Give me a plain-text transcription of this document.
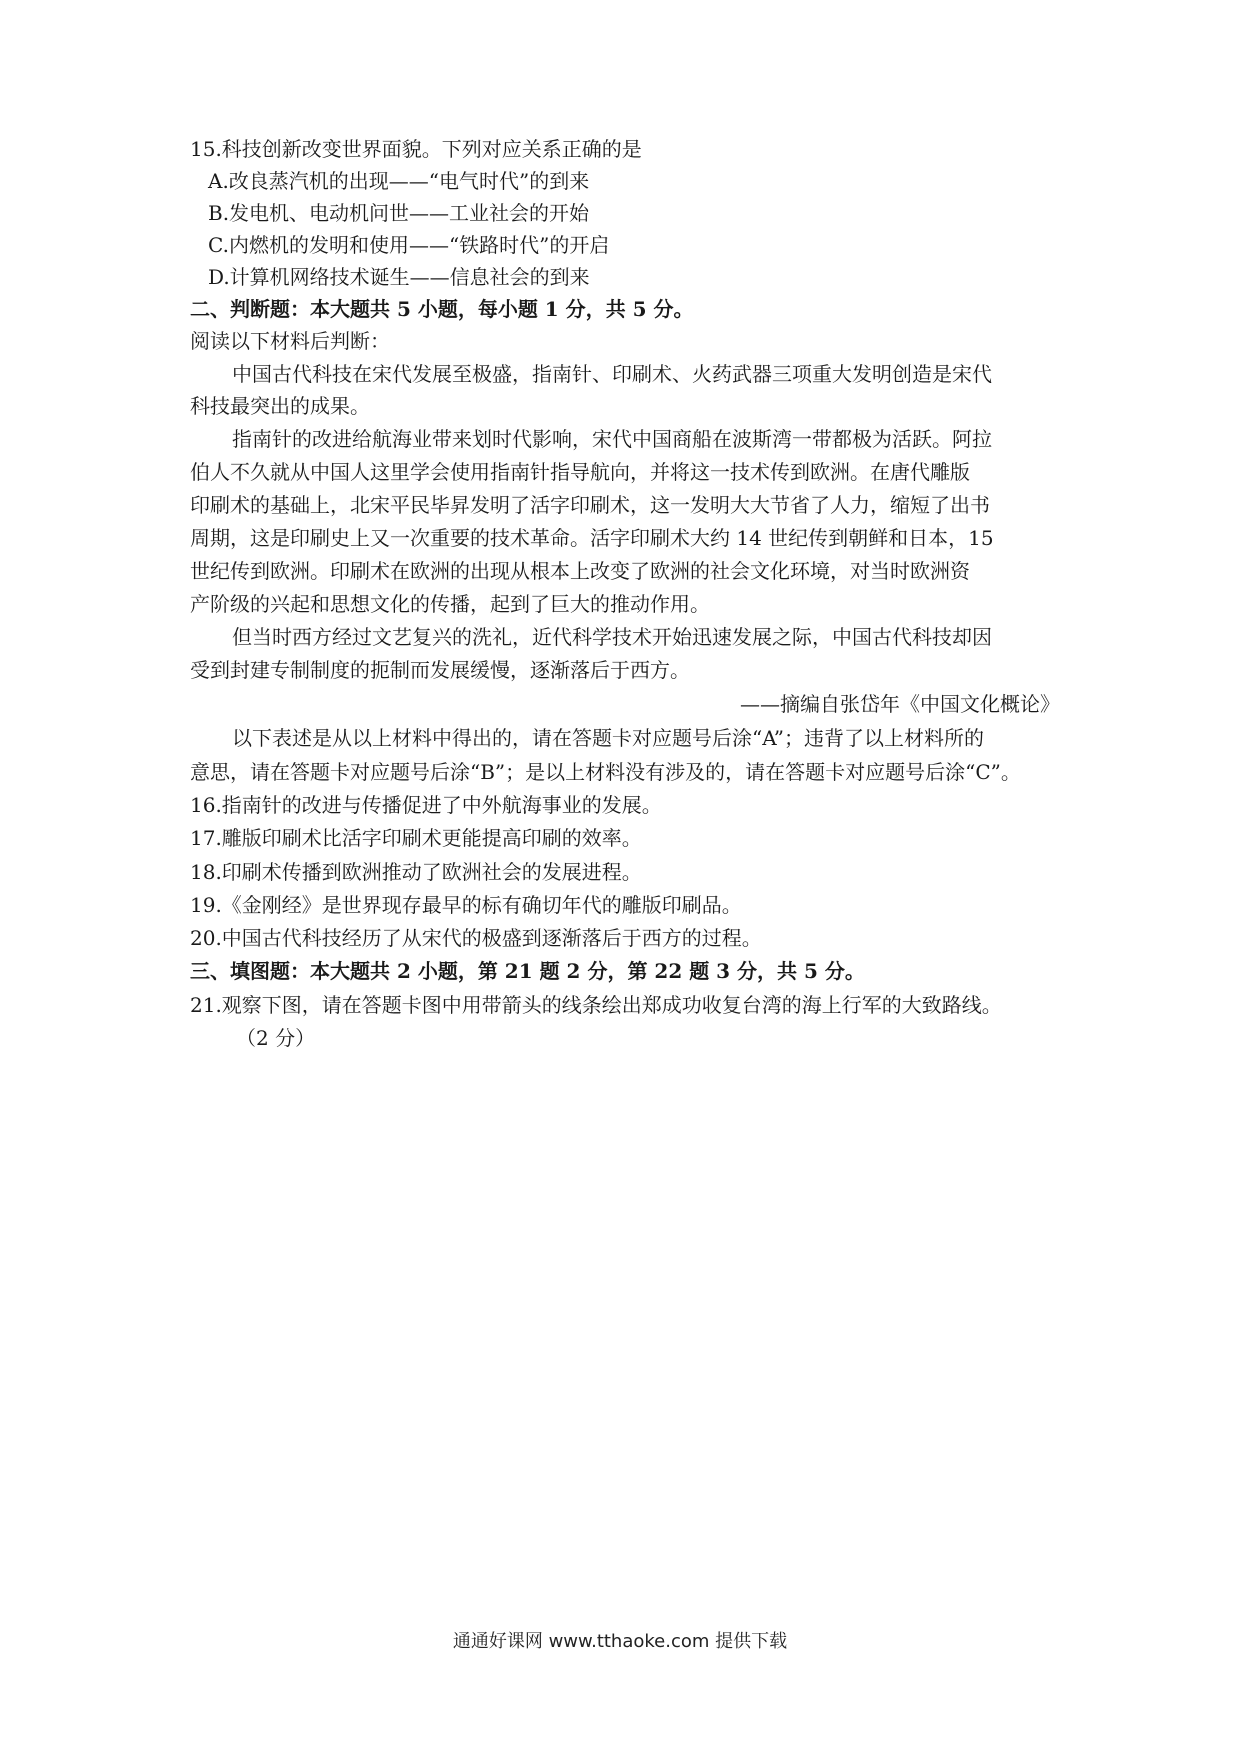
15.科技创新改变世界面貌。下列对应关系正确的是
A.改良蒸汽机的出现——“电气时代”的到来
B.发电机、电动机问世——工业社会的开始
C.内燃机的发明和使用——“铁路时代”的开启
D.计算机网络技术诞生——信息社会的到来
二、判断题：本大题共 5 小题，每小题 1 分，共 5 分。
阅读以下材料后判断：
中国古代科技在宋代发展至极盛，指南针、印刷术、火药武器三项重大发明创造是宋代
科技最突出的成果。
指南针的改进给航海业带来划时代影响，宋代中国商船在波斯湾一带都极为活跃。阿拉
伯人不久就从中国人这里学会使用指南针指导航向，并将这一技术传到欧洲。在唐代雕版
印刷术的基础上，北宋平民毕昇发明了活字印刷术，这一发明大大节省了人力，缩短了出书
周期，这是印刷史上又一次重要的技术革命。活字印刷术大约 14 世纪传到朝鲜和日本，15
世纪传到欧洲。印刷术在欧洲的出现从根本上改变了欧洲的社会文化环境，对当时欧洲资
产阶级的兴起和思想文化的传播，起到了巨大的推动作用。
但当时西方经过文艺复兴的洗礼，近代科学技术开始迅速发展之际，中国古代科技却因
受到封建专制制度的扼制而发展缓慢，逐渐落后于西方。
——摘编自张岱年《中国文化概论》
以下表述是从以上材料中得出的，请在答题卡对应题号后涂“A”；违背了以上材料所的
意思，请在答题卡对应题号后涂“B”；是以上材料没有涉及的，请在答题卡对应题号后涂“C”。
16.指南针的改进与传播促进了中外航海事业的发展。
17.雕版印刷术比活字印刷术更能提高印刷的效率。
18.印刷术传播到欧洲推动了欧洲社会的发展进程。
19.《金刚经》是世界现存最早的标有确切年代的雕版印刷品。
20.中国古代科技经历了从宋代的极盛到逐渐落后于西方的过程。
三、填图题：本大题共 2 小题，第 21 题 2 分，第 22 题 3 分，共 5 分。
21.观察下图，请在答题卡图中用带箭头的线条绘出郑成功收复台湾的海上行军的大致路线。
（2 分）
通通好课网 www.tthaoke.com 提供下载
